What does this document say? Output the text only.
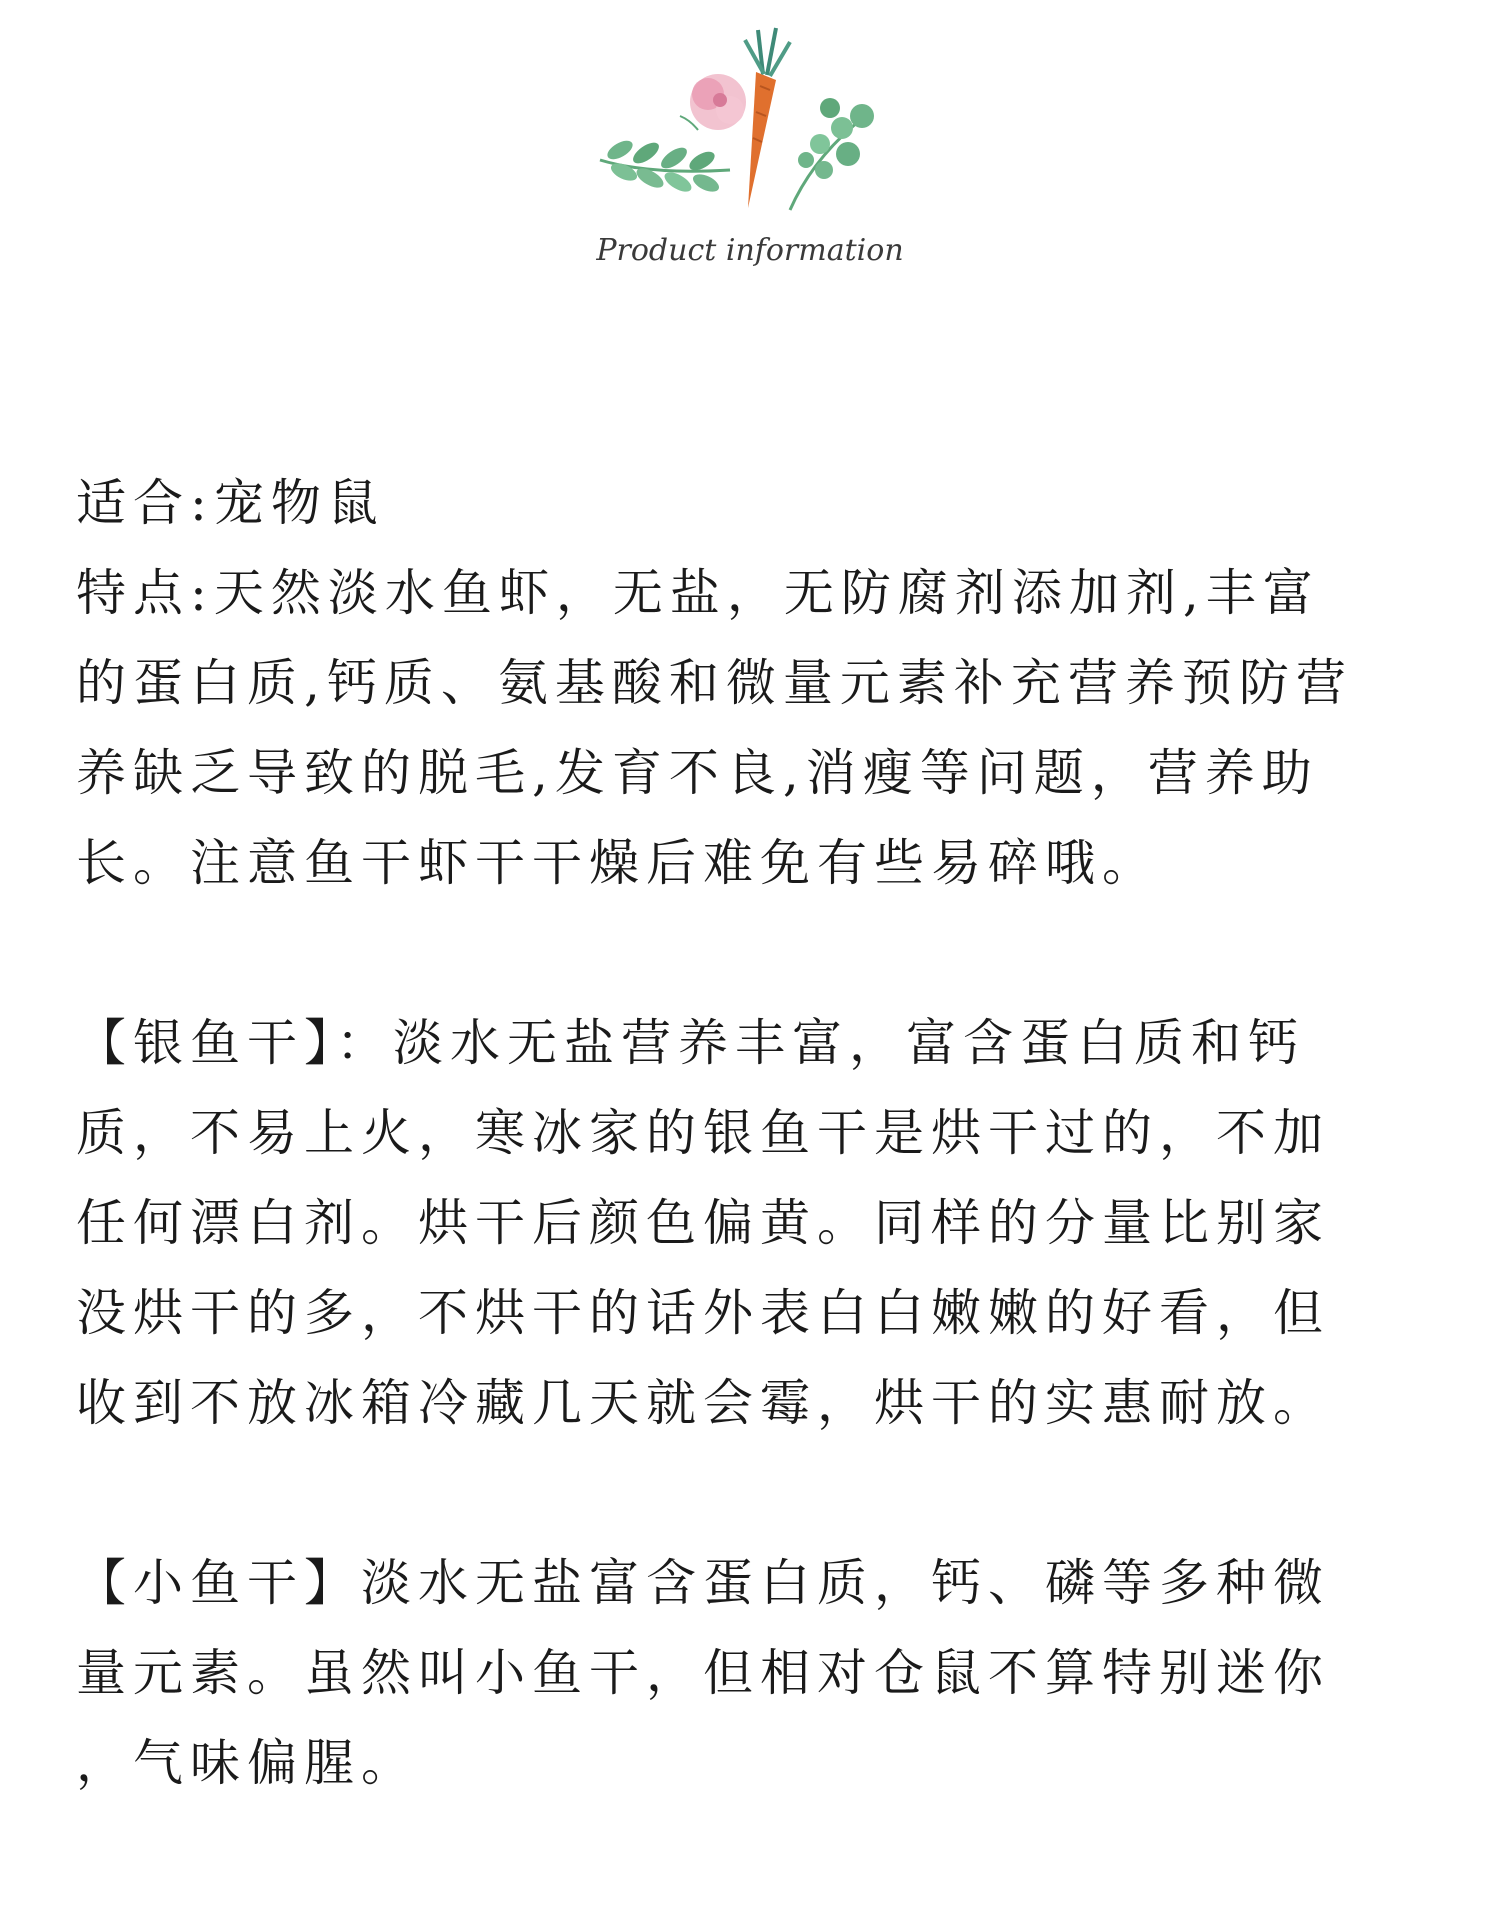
Product information

适合:宠物鼠
特点:天然淡水鱼虾，无盐，无防腐剂添加剂,丰富
的蛋白质,钙质、氨基酸和微量元素补充营养预防营
养缺乏导致的脱毛,发育不良,消瘦等问题，营养助
长。注意鱼干虾干干燥后难免有些易碎哦。

【银鱼干】：淡水无盐营养丰富，富含蛋白质和钙
质，不易上火，寒冰家的银鱼干是烘干过的，不加
任何漂白剂。烘干后颜色偏黄。同样的分量比别家
没烘干的多，不烘干的话外表白白嫩嫩的好看，但
收到不放冰箱冷藏几天就会霉，烘干的实惠耐放。

【小鱼干】淡水无盐富含蛋白质，钙、磷等多种微
量元素。虽然叫小鱼干，但相对仓鼠不算特别迷你
，气味偏腥。
